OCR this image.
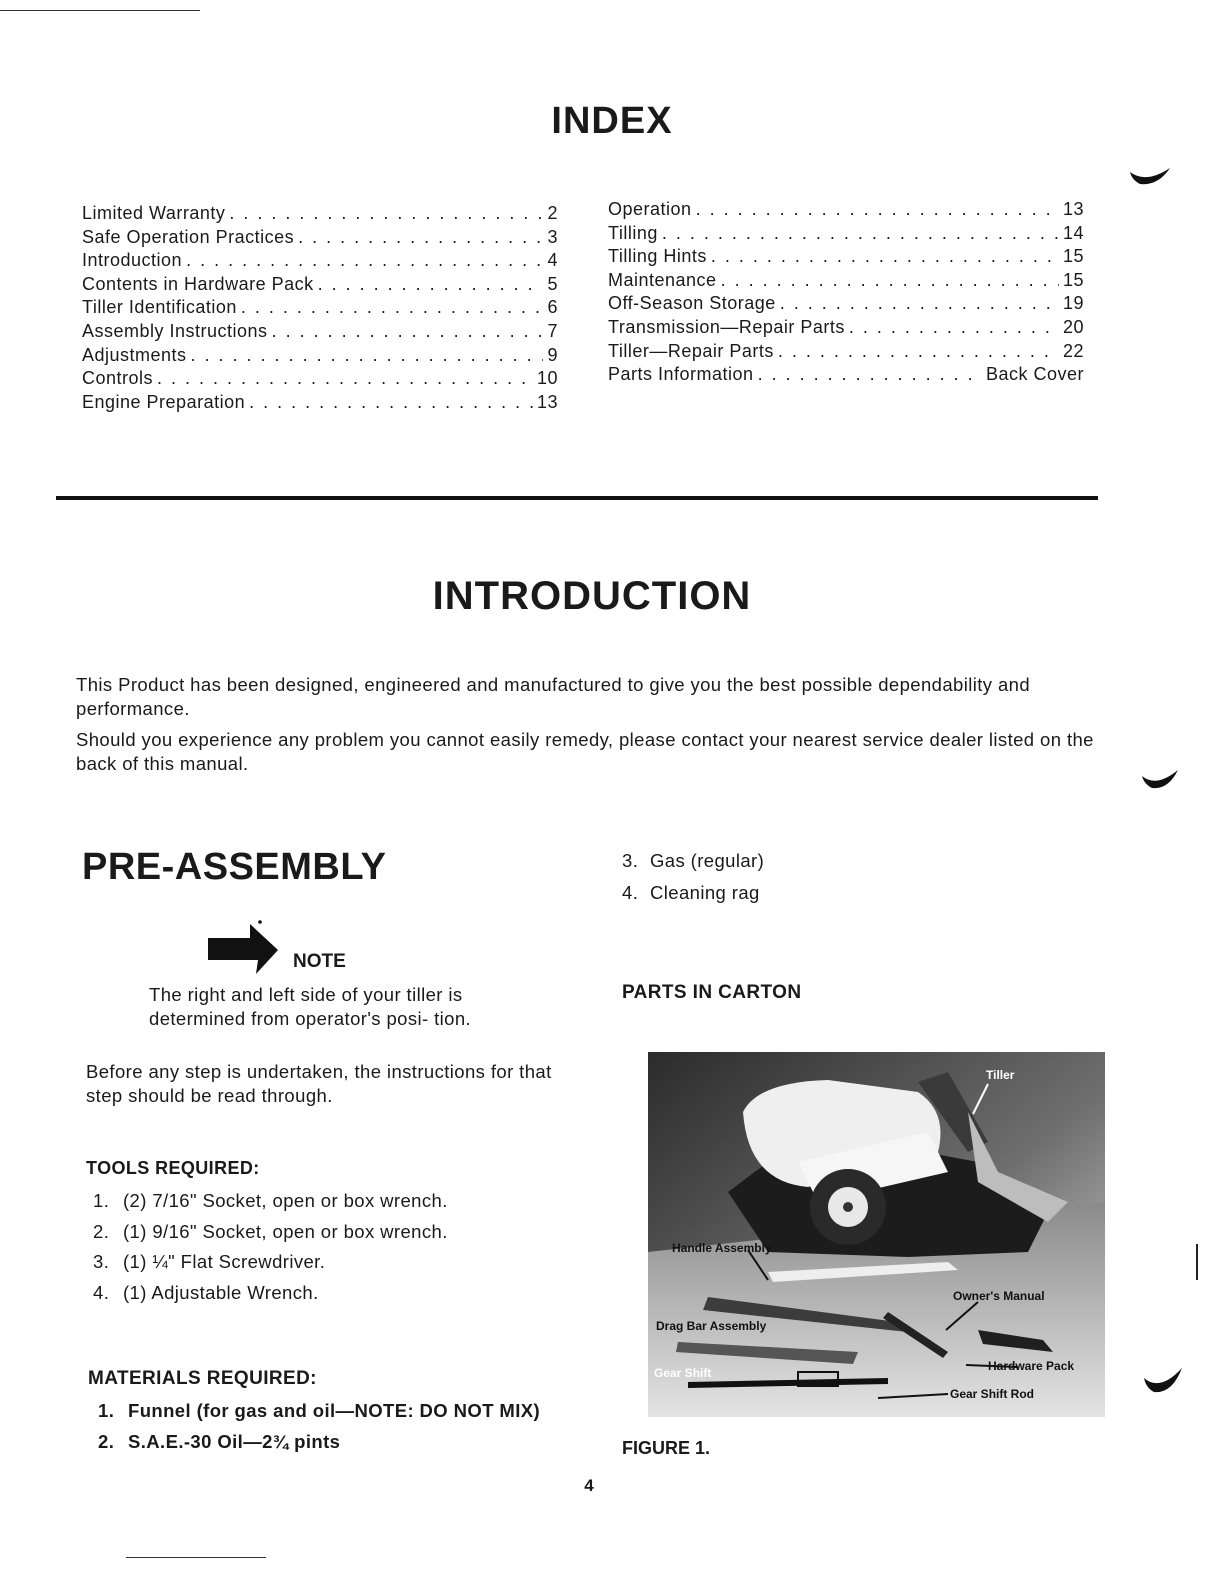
INDEX
Limited Warranty . . .	2
Safe Operation Practices . . .	3
Introduction . . .	4
Contents in Hardware Pack . . .	5
Tiller Identification . . .	6
Assembly Instructions . . .	7
Adjustments . . .	9
Controls . . .	10
Engine Preparation . . .	13
Operation . . .	13
Tilling . . .	14
Tilling Hints . . .	15
Maintenance . . .	15
Off-Season Storage . . .	19
Transmission—Repair Parts . . .	20
Tiller—Repair Parts . . .	22
Parts Information . . .	Back Cover
INTRODUCTION
This Product has been designed, engineered and manufactured to give you the best possible dependability and performance.
Should you experience any problem you cannot easily remedy, please contact your nearest service dealer listed on the back of this manual.
PRE-ASSEMBLY
NOTE
The right and left side of your tiller is determined from operator's posi- tion.
Before any step is undertaken, the instructions for that step should be read through.
TOOLS REQUIRED:
1. (2) 7/16" Socket, open or box wrench.
2. (1) 9/16" Socket, open or box wrench.
3. (1) ¼" Flat Screwdriver.
4. (1) Adjustable Wrench.
MATERIALS REQUIRED:
1. Funnel (for gas and oil—NOTE: DO NOT MIX)
2. S.A.E.-30 Oil—2¾ pints
3. Gas (regular)
4. Cleaning rag
PARTS IN CARTON
Tiller
Handle Assembly
Owner's Manual
Drag Bar Assembly
Hardware Pack
Gear Shift
Gear Shift Rod
FIGURE 1.
4
